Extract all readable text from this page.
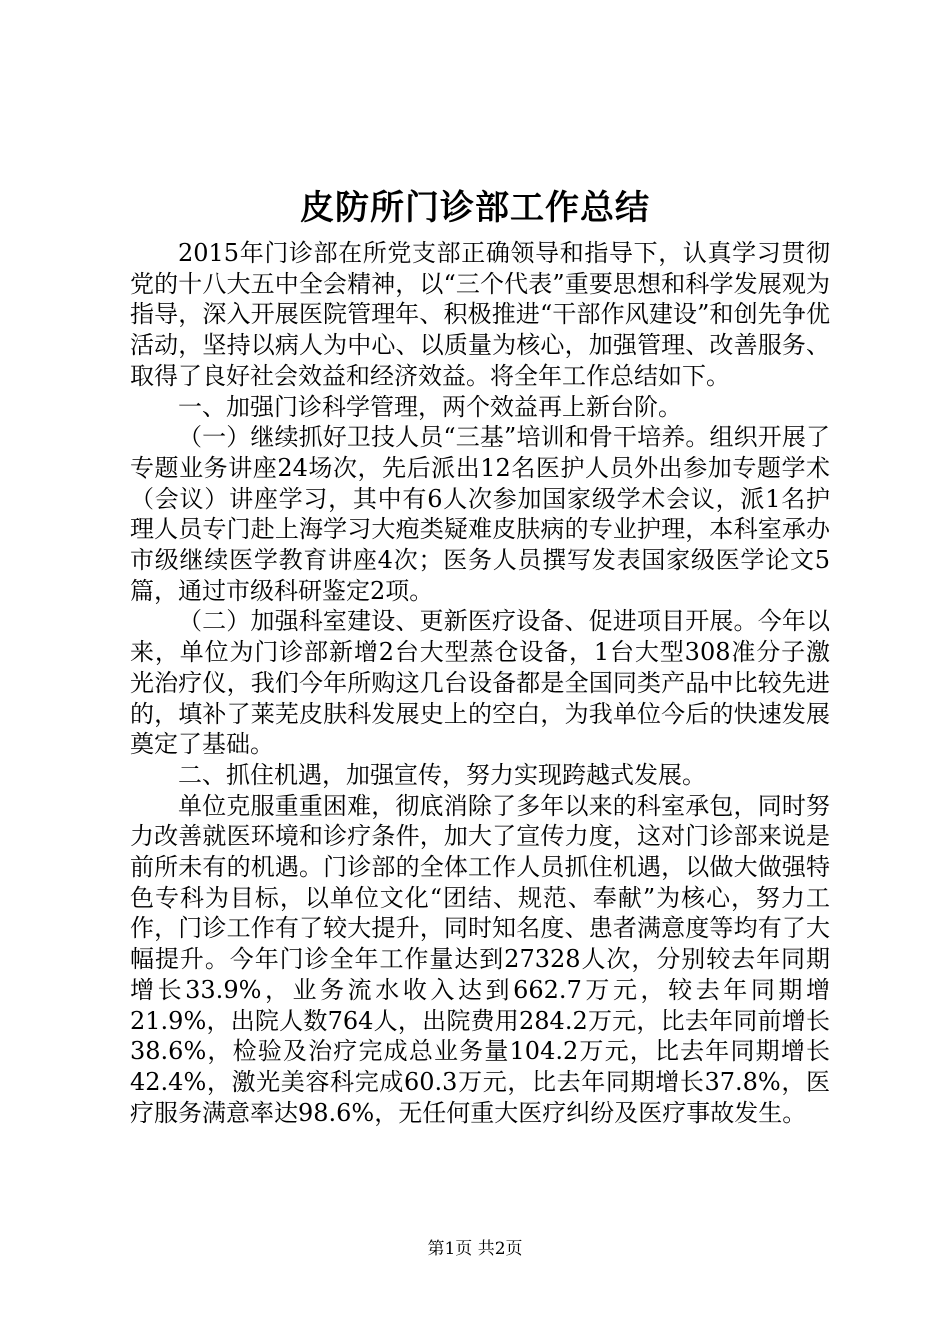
皮防所门诊部工作总结

2015年门诊部在所党支部正确领导和指导下，认真学习贯彻党的十八大五中全会精神，以“三个代表”重要思想和科学发展观为指导，深入开展医院管理年、积极推进“干部作风建设”和创先争优活动，坚持以病人为中心、以质量为核心，加强管理、改善服务、取得了良好社会效益和经济效益。将全年工作总结如下。

一、加强门诊科学管理，两个效益再上新台阶。

（一）继续抓好卫技人员“三基”培训和骨干培养。组织开展了专题业务讲座24场次，先后派出12名医护人员外出参加专题学术（会议）讲座学习，其中有6人次参加国家级学术会议，派1名护理人员专门赴上海学习大疱类疑难皮肤病的专业护理，本科室承办市级继续医学教育讲座4次；医务人员撰写发表国家级医学论文5篇，通过市级科研鉴定2项。

（二）加强科室建设、更新医疗设备、促进项目开展。今年以来，单位为门诊部新增2台大型蒸仓设备，1台大型308准分子激光治疗仪，我们今年所购这几台设备都是全国同类产品中比较先进的，填补了莱芜皮肤科发展史上的空白，为我单位今后的快速发展奠定了基础。

二、抓住机遇，加强宣传，努力实现跨越式发展。

单位克服重重困难，彻底消除了多年以来的科室承包，同时努力改善就医环境和诊疗条件，加大了宣传力度，这对门诊部来说是前所未有的机遇。门诊部的全体工作人员抓住机遇，以做大做强特色专科为目标，以单位文化“团结、规范、奉献”为核心，努力工作，门诊工作有了较大提升，同时知名度、患者满意度等均有了大幅提升。今年门诊全年工作量达到27328人次，分别较去年同期增长33.9%，业务流水收入达到662.7万元，较去年同期增21.9%，出院人数764人，出院费用284.2万元，比去年同前增长38.6%，检验及治疗完成总业务量104.2万元，比去年同期增长42.4%，激光美容科完成60.3万元，比去年同期增长37.8%，医疗服务满意率达98.6%，无任何重大医疗纠纷及医疗事故发生。

第1页 共2页
